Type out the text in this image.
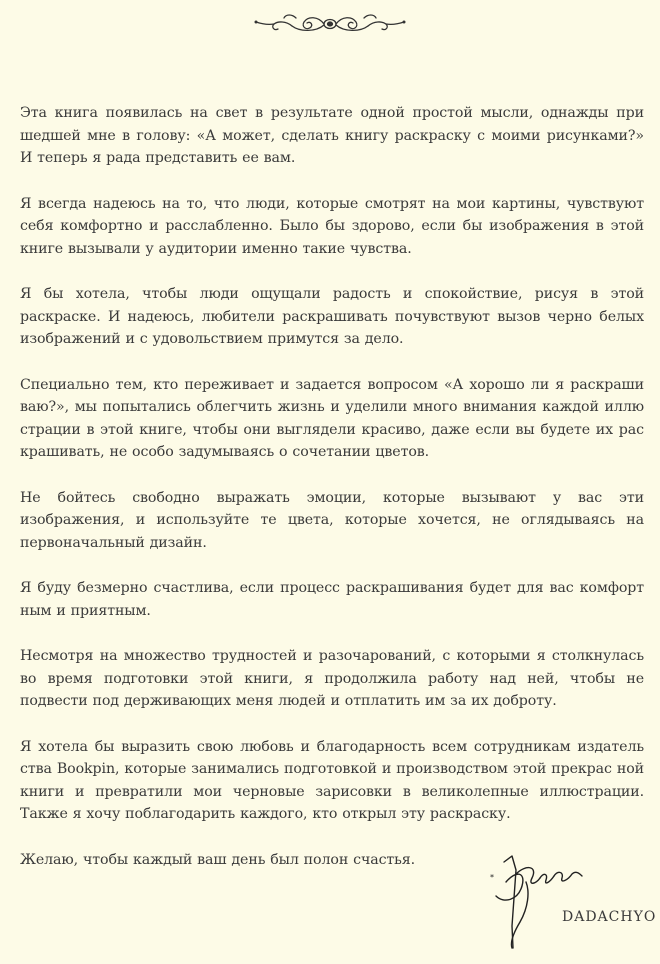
Эта книга появилась на свет в результате одной простой мысли, однажды при шедшей мне в голову: «А может, сделать книгу раскраску с моими рисунками?» И теперь я рада представить ее вам.

Я всегда надеюсь на то, что люди, которые смотрят на мои картины, чувствуют себя комфортно и расслабленно. Было бы здорово, если бы изображения в этой книге вызывали у аудитории именно такие чувства.

Я бы хотела, чтобы люди ощущали радость и спокойствие, рисуя в этой раскраске. И надеюсь, любители раскрашивать почувствуют вызов черно белых изображений и с удовольствием примутся за дело.

Специально тем, кто переживает и задается вопросом «А хорошо ли я раскраши ваю?», мы попытались облегчить жизнь и уделили много внимания каждой иллю страции в этой книге, чтобы они выглядели красиво, даже если вы будете их рас крашивать, не особо задумываясь о сочетании цветов.

Не бойтесь свободно выражать эмоции, которые вызывают у вас эти изображения, и используйте те цвета, которые хочется, не оглядываясь на первоначальный дизайн.

Я буду безмерно счастлива, если процесс раскрашивания будет для вас комфорт ным и приятным.

Несмотря на множество трудностей и разочарований, с которыми я столкнулась во время подготовки этой книги, я продолжила работу над ней, чтобы не подвести под держивающих меня людей и отплатить им за их доброту.

Я хотела бы выразить свою любовь и благодарность всем сотрудникам издатель ства Bookpin, которые занимались подготовкой и производством этой прекрас ной книги и превратили мои черновые зарисовки в великолепные иллюстрации. Также я хочу поблагодарить каждого, кто открыл эту раскраску.

Желаю, чтобы каждый ваш день был полон счастья.

*
DADACHYO
